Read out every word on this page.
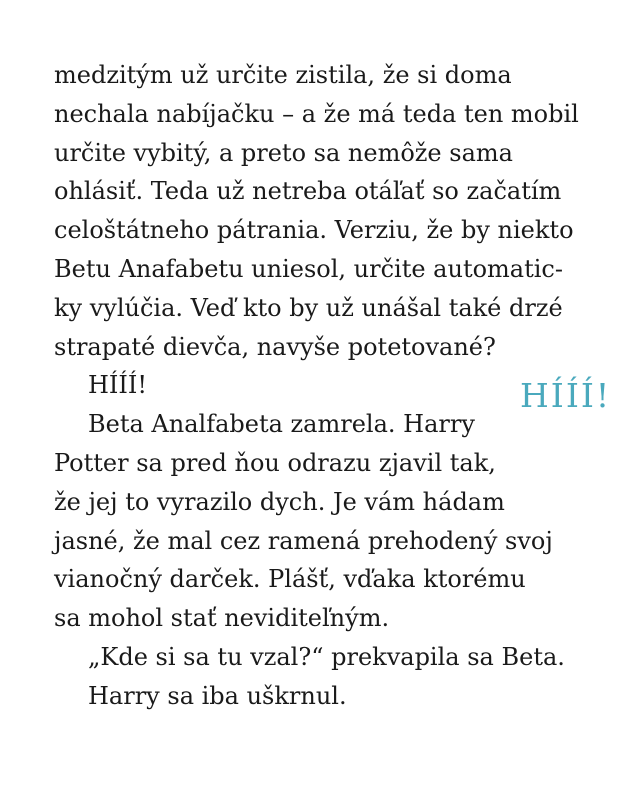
medzitým už určite zistila, že si doma
nechala nabíjačku – a že má teda ten mobil
určite vybitý, a preto sa nemôže sama
ohlásiť. Teda už netreba otáľať so začatím
celoštátneho pátrania. Verziu, že by niekto
Betu Anafabetu uniesol, určite automatic-
ky vylúčia. Veď kto by už unášal také drzé
strapaté dievča, navyše potetované?
HÍÍÍ!
Beta Analfabeta zamrela. Harry
Potter sa pred ňou odrazu zjavil tak,
že jej to vyrazilo dych. Je vám hádam
jasné, že mal cez ramená prehodený svoj
vianočný darček. Plášť, vďaka ktorému
sa mohol stať neviditeľným.
„Kde si sa tu vzal?“ prekvapila sa Beta.
Harry sa iba uškrnul.
HÍÍÍ!
